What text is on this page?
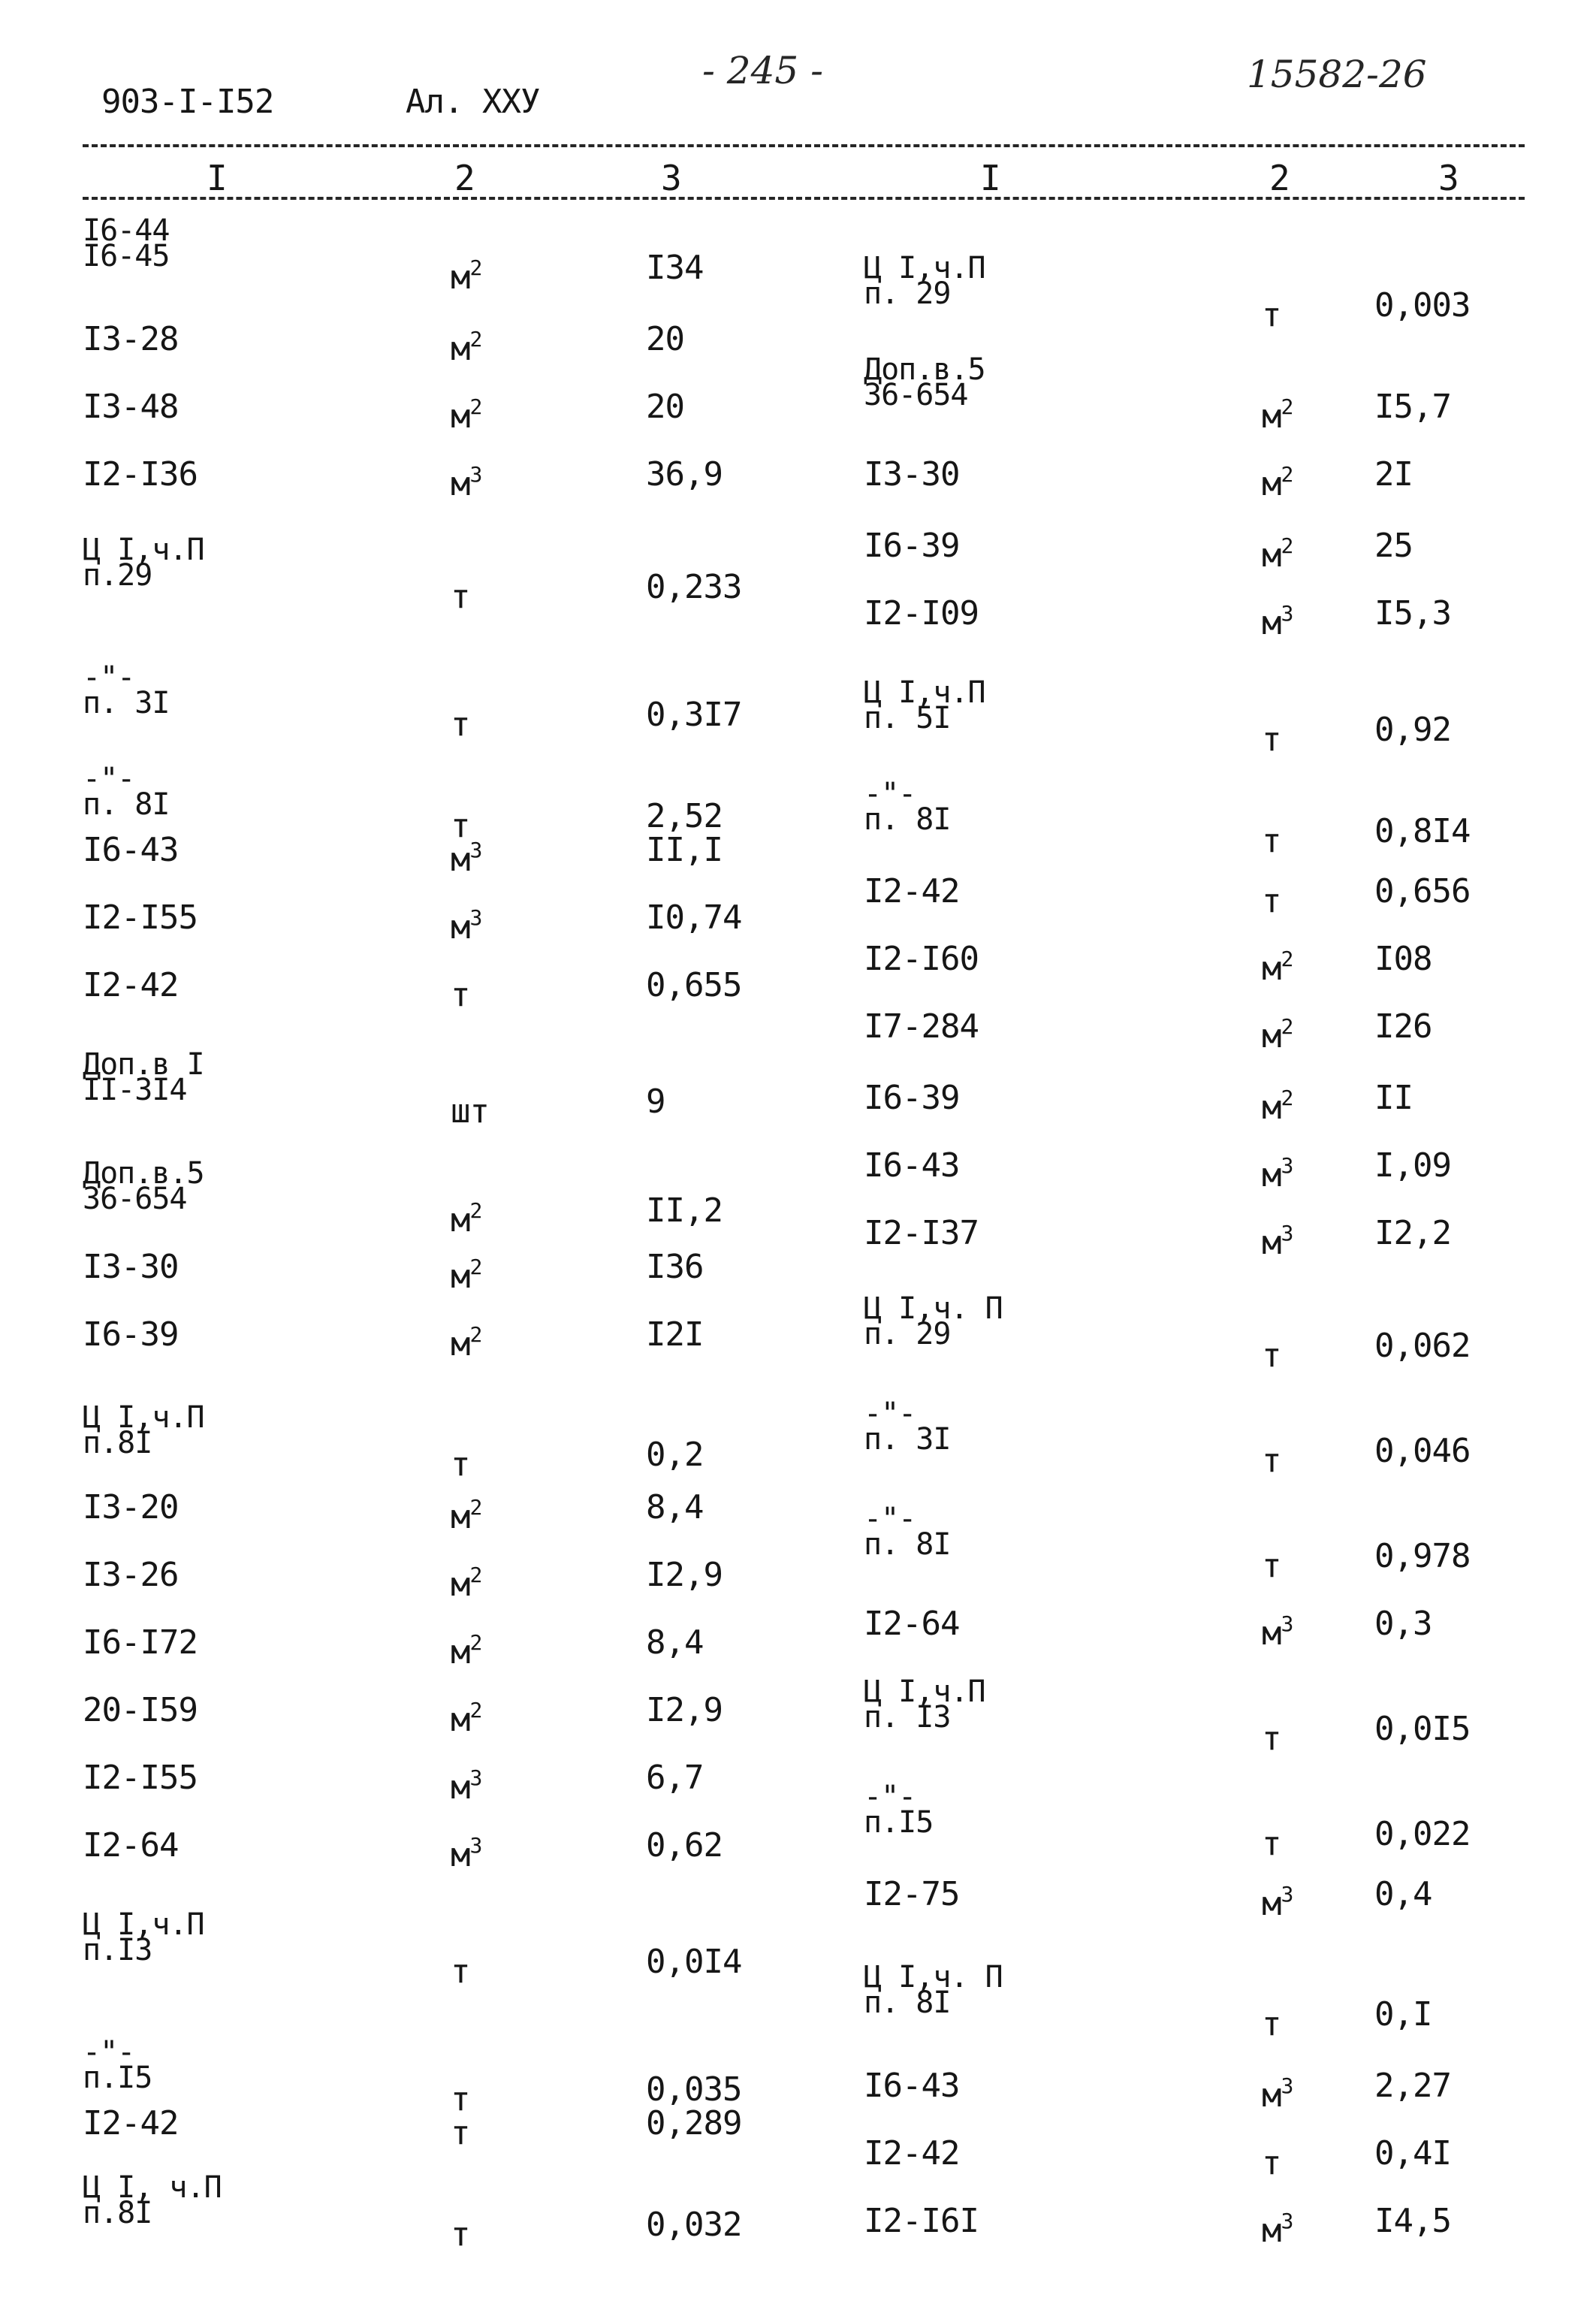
903-I-I52	Ал. XXУ
- 245 -	15582-26
I	2	3	I	2	3
I6-44
I6-45
$м^2$	I34
I3-28	$м^2$	20
I3-48	$м^2$	20
I2-I36	$м^3$	36,9
Ц I,ч.П
п.29
т	0,233
-"-
п. 3I
т	0,3I7
-"-
п. 8I
т	2,52
I6-43	$м^3$	II,I
I2-I55	$м^3$	I0,74
I2-42	т	0,655
Доп.в I
II-3I4
шт	9
Доп.в.5
36-654
$м^2$	II,2
I3-30	$м^2$	I36
I6-39	$м^2$	I2I
Ц I,ч.П
п.8I
т	0,2
I3-20	$м^2$	8,4
I3-26	$м^2$	I2,9
I6-I72	$м^2$	8,4
20-I59	$м^2$	I2,9
I2-I55	$м^3$	6,7
I2-64	$м^3$	0,62
Ц I,ч.П
п.I3
т	0,0I4
-"-
п.I5
т	0,035
I2-42	т	0,289
Ц I, ч.П
п.8I
т	0,032
Ц I,ч.П
п. 29
т	0,003
Доп.в.5
36-654
$м^2$ I5,7
I3-30	$м^2$ 2I
I6-39	$м^2$ 25
I2-I09	$м^3$ I5,3
Ц I,ч.П
п. 5I
т	0,92
-"-
п. 8I
т	0,8I4
I2-42	т	0,656
I2-I60	$м^2$ I08
I7-284	$м^2$ I26
I6-39	$м^2$ II
I6-43	$м^3$ I,09
I2-I37	$м^3$ I2,2
Ц I,ч. П
п. 29
т	0,062
-"-
п. 3I
т	0,046
-"-
п. 8I
т	0,978
I2-64	$м^3$ 0,3
Ц I,ч.П
п. I3
т	0,0I5
-"-
п.I5
т	0,022
I2-75	$м^3$ 0,4
Ц I,ч. П
п. 8I
т	0,I
I6-43	$м^3$ 2,27
I2-42	т	0,4I
I2-I6I	$м^3$ I4,5
